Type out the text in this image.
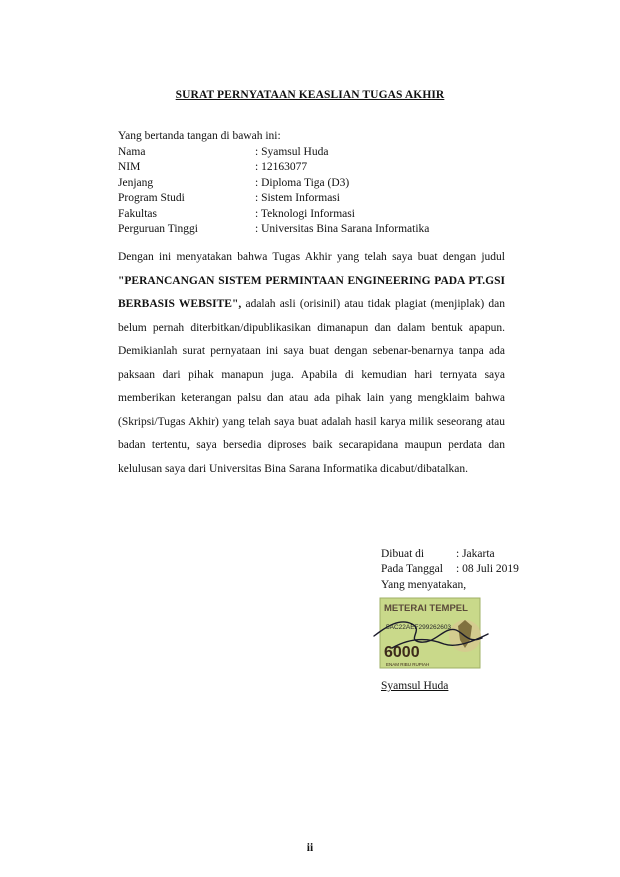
SURAT PERNYATAAN KEASLIAN TUGAS AKHIR
Yang bertanda tangan di bawah ini:
Nama	: Syamsul Huda
NIM	: 12163077
Jenjang	: Diploma Tiga (D3)
Program Studi	: Sistem Informasi
Fakultas	: Teknologi Informasi
Perguruan Tinggi	: Universitas Bina Sarana Informatika
Dengan ini menyatakan bahwa Tugas Akhir yang telah saya buat dengan judul "PERANCANGAN SISTEM PERMINTAAN ENGINEERING PADA PT.GSI BERBASIS WEBSITE", adalah asli (orisinil) atau tidak plagiat (menjiplak) dan belum pernah diterbitkan/dipublikasikan dimanapun dan dalam bentuk apapun. Demikianlah surat pernyataan ini saya buat dengan sebenar-benarnya tanpa ada paksaan dari pihak manapun juga. Apabila di kemudian hari ternyata saya memberikan keterangan palsu dan atau ada pihak lain yang mengklaim bahwa (Skripsi/Tugas Akhir) yang telah saya buat adalah hasil karya milik seseorang atau badan tertentu, saya bersedia diproses baik secarapidana maupun perdata dan kelulusan saya dari Universitas Bina Sarana Informatika dicabut/dibatalkan.
Dibuat di	: Jakarta
Pada Tanggal	: 08 Juli 2019
Yang menyatakan,
METERAI TEMPEL
5AC22AEF299262603
6000
ENAM RIBU RUPIAH
Syamsul Huda
ii
